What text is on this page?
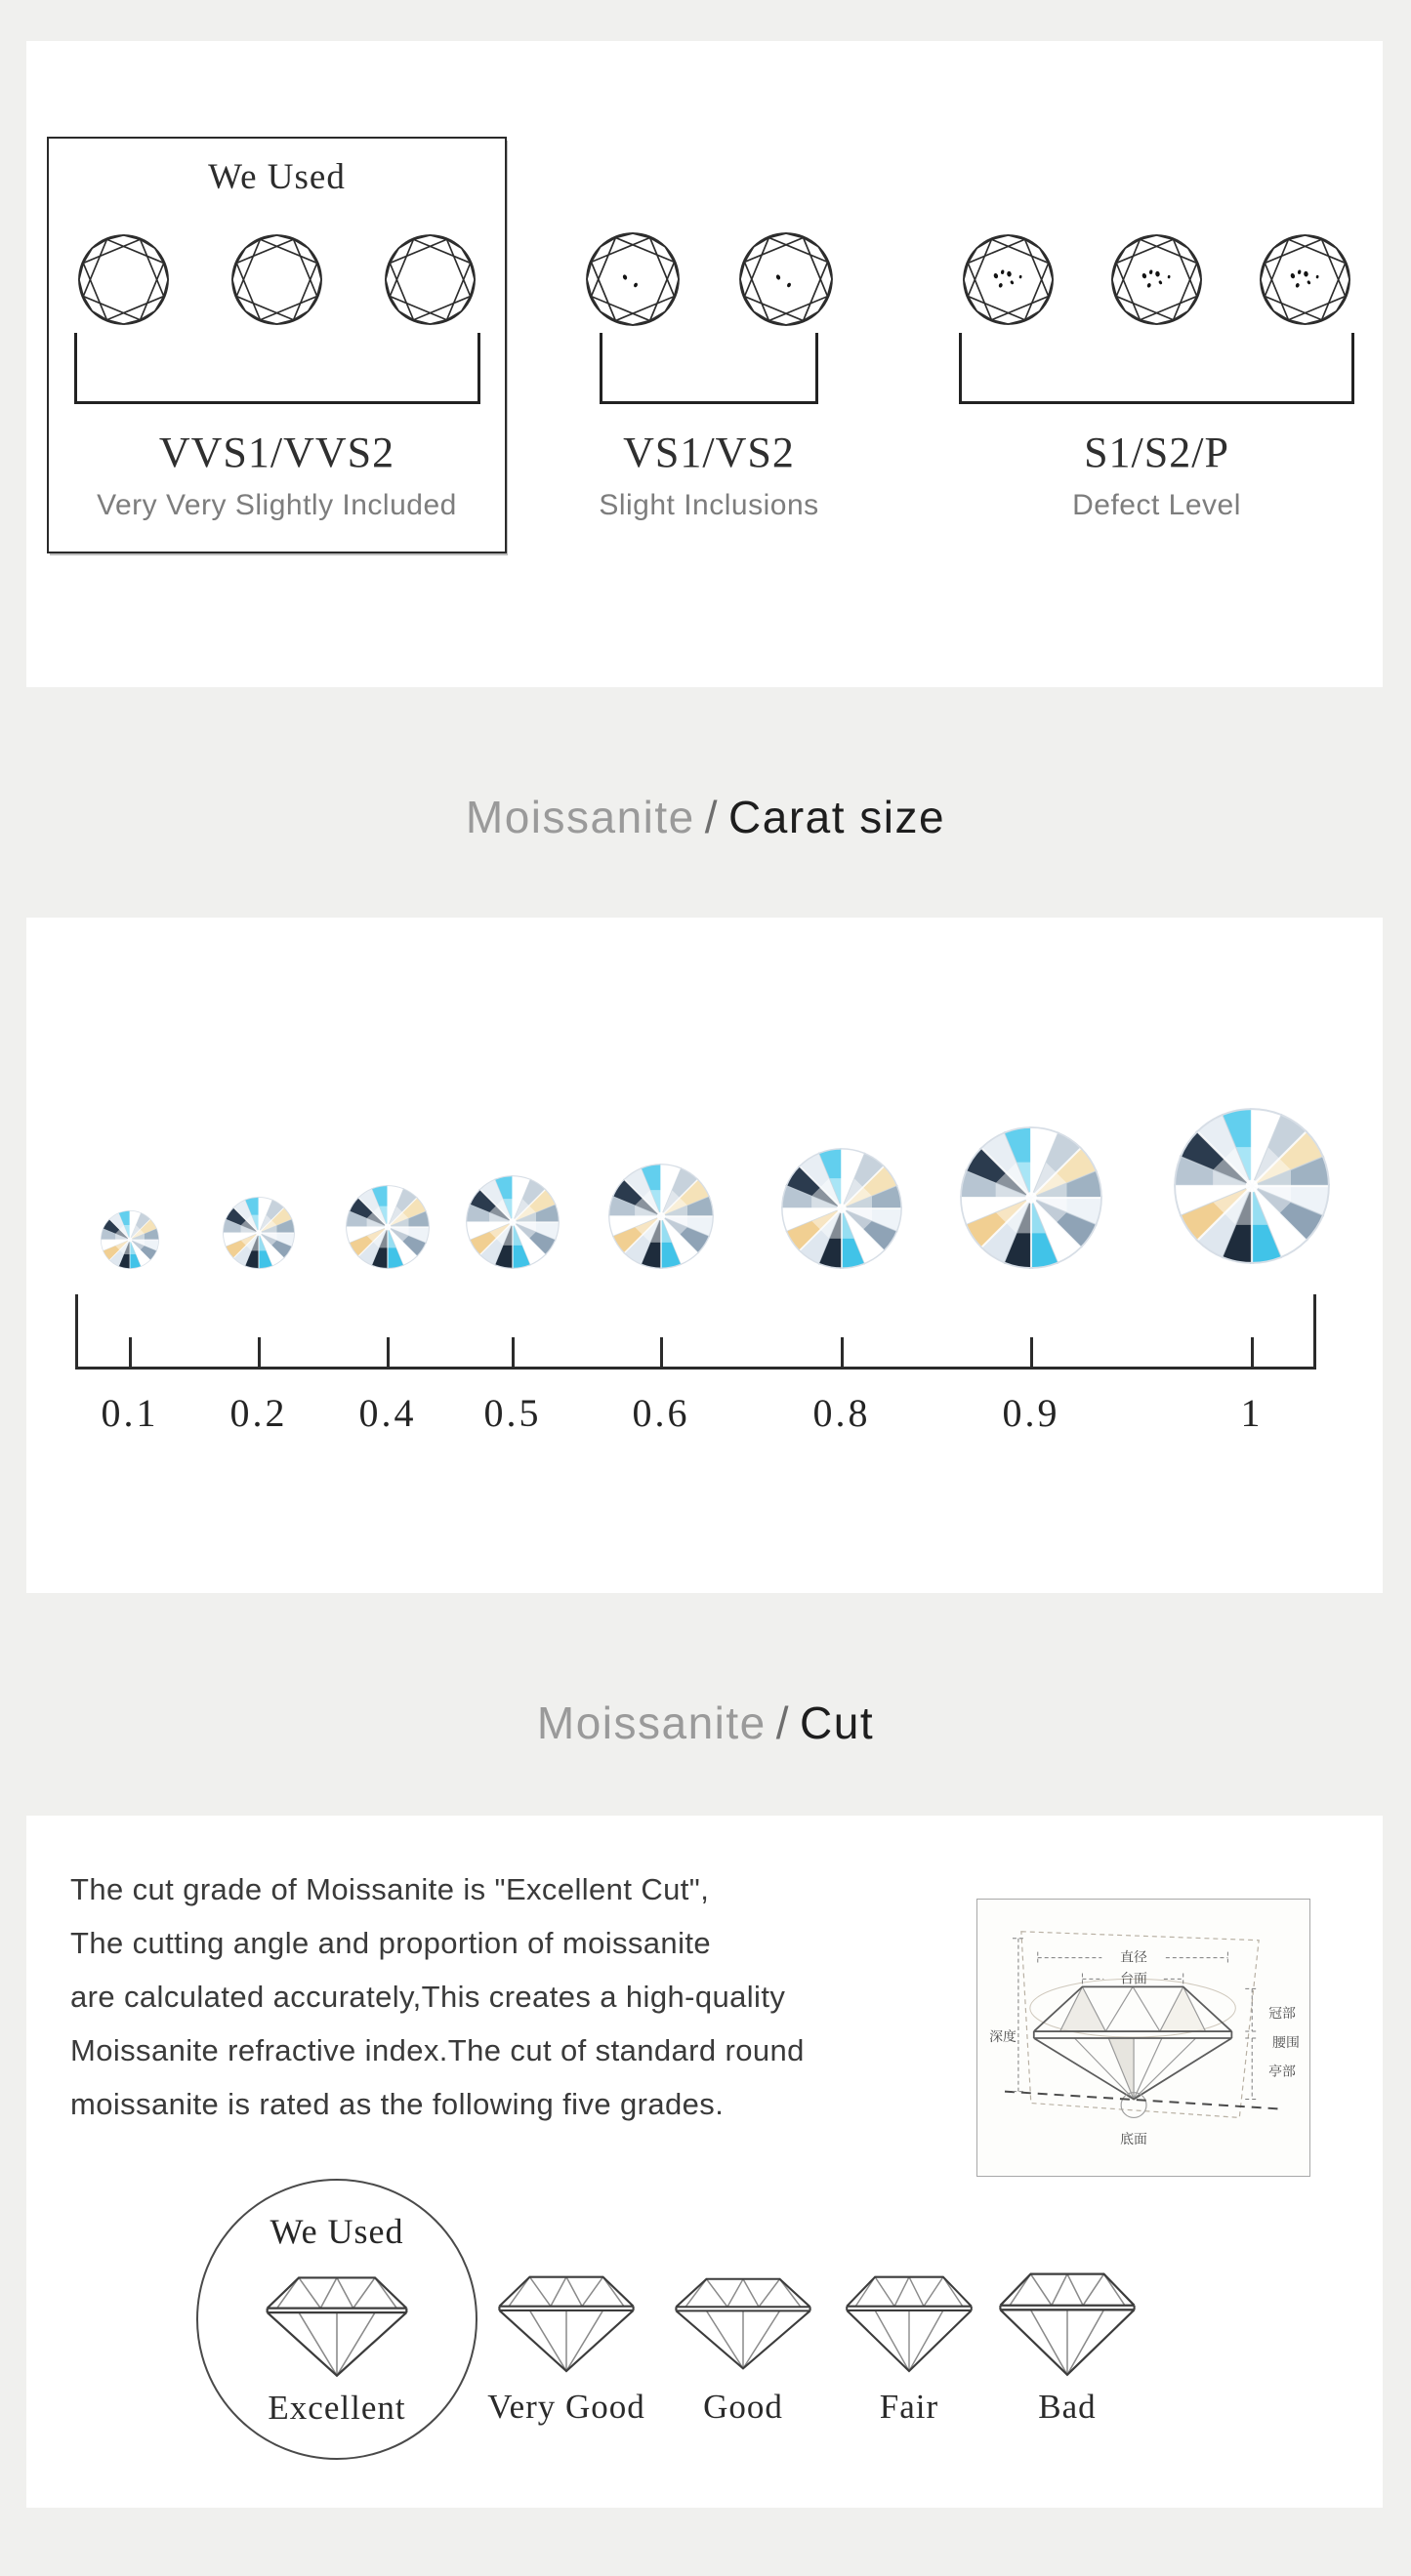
We Used
VVS1/VVS2
Very Very Slightly Included
VS1/VS2
Slight Inclusions
S1/S2/P
Defect Level
Moissanite / Carat size
0.1	0.2	0.4	0.5	0.6	0.8	0.9	1
Moissanite / Cut
The cut grade of Moissanite is "Excellent Cut",
The cutting angle and proportion of moissanite
are calculated accurately,This creates a high-quality
Moissanite refractive index.The cut of standard round
moissanite is rated as the following five grades.
直径
台面
深度
冠部
腰围
亭部
底面
We Used
Excellent Very Good	Good	Fair	Bad
